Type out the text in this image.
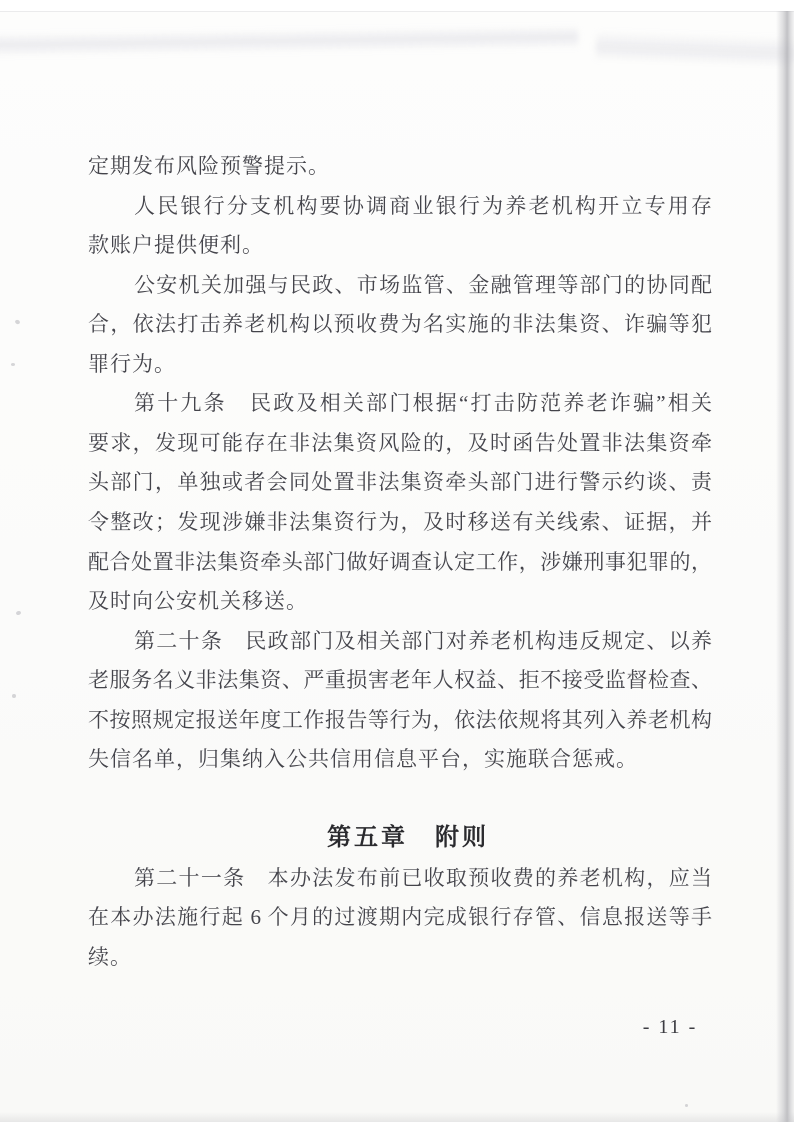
定期发布风险预警提示。
人民银行分支机构要协调商业银行为养老机构开立专用存
款账户提供便利。
公安机关加强与民政、市场监管、金融管理等部门的协同配
合，依法打击养老机构以预收费为名实施的非法集资、诈骗等犯
罪行为。
第十九条　民政及相关部门根据“打击防范养老诈骗”相关
要求，发现可能存在非法集资风险的，及时函告处置非法集资牵
头部门，单独或者会同处置非法集资牵头部门进行警示约谈、责
令整改；发现涉嫌非法集资行为，及时移送有关线索、证据，并
配合处置非法集资牵头部门做好调查认定工作，涉嫌刑事犯罪的，
及时向公安机关移送。
第二十条　民政部门及相关部门对养老机构违反规定、以养
老服务名义非法集资、严重损害老年人权益、拒不接受监督检查、
不按照规定报送年度工作报告等行为，依法依规将其列入养老机构
失信名单，归集纳入公共信用信息平台，实施联合惩戒。
第五章　附则
第二十一条　本办法发布前已收取预收费的养老机构，应当
在本办法施行起 6 个月的过渡期内完成银行存管、信息报送等手
续。
- 11 -
